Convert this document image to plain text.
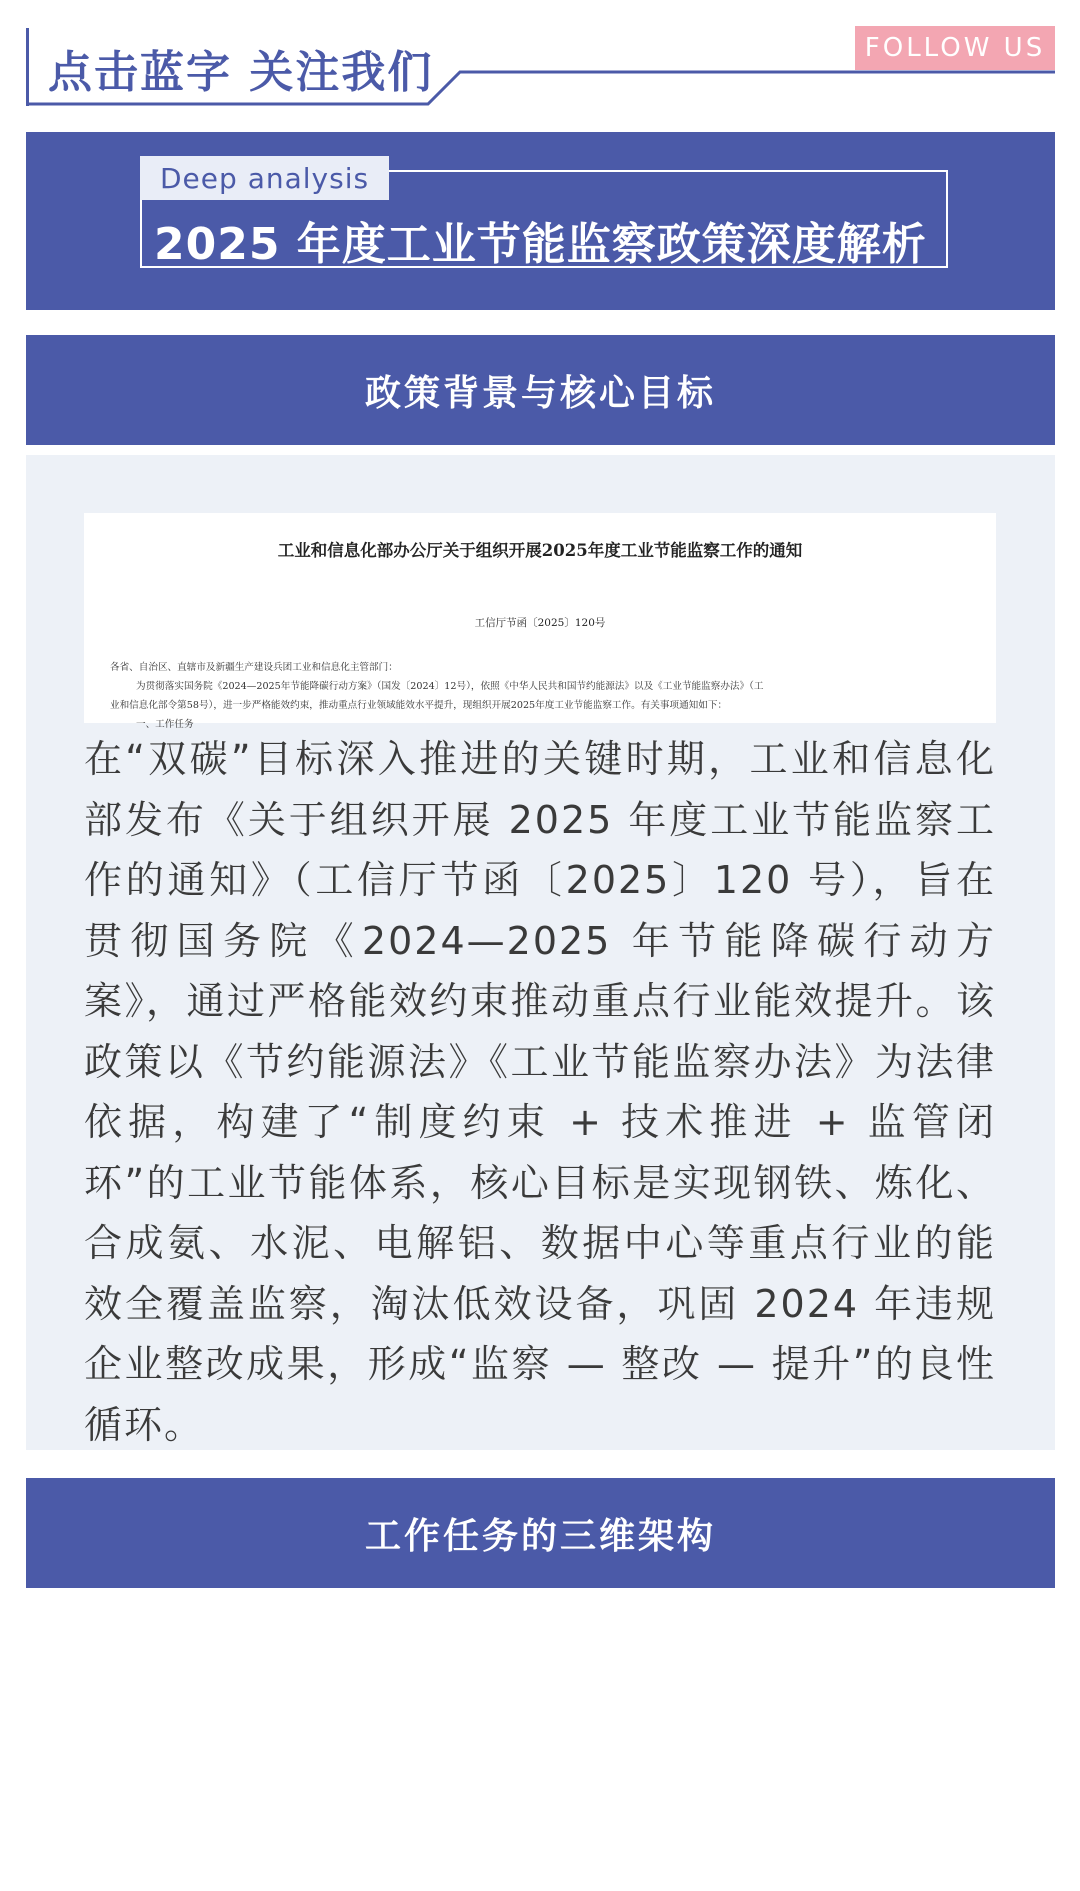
点击蓝字 关注我们	FOLLOW US
Deep analysis
2025 年度工业节能监察政策深度解析
政策背景与核心目标
工业和信息化部办公厅关于组织开展2025年度工业节能监察工作的通知
工信厅节函〔2025〕120号
各省、自治区、直辖市及新疆生产建设兵团工业和信息化主管部门：
为贯彻落实国务院《2024—2025年节能降碳行动方案》（国发〔2024〕12号），依照《中华人民共和国节约能源法》以及《工业节能监察办法》（工
业和信息化部令第58号），进一步严格能效约束，推动重点行业领域能效水平提升，现组织开展2025年度工业节能监察工作。有关事项通知如下：
一、工作任务

在“双碳”目标深入推进的关键时期，工业和信息化部发布《关于组织开展 2025 年度工业节能监察工作的通知》（工信厅节函〔2025〕120 号），旨在贯彻国务院《2024—2025 年节能降碳行动方案》，通过严格能效约束推动重点行业能效提升。该政策以《节约能源法》《工业节能监察办法》为法律依据，构建了“制度约束 + 技术推进 + 监管闭环”的工业节能体系，核心目标是实现钢铁、炼化、合成氨、水泥、电解铝、数据中心等重点行业的能效全覆盖监察，淘汰低效设备，巩固 2024 年违规企业整改成果，形成“监察 — 整改 — 提升”的良性循环。

工作任务的三维架构
